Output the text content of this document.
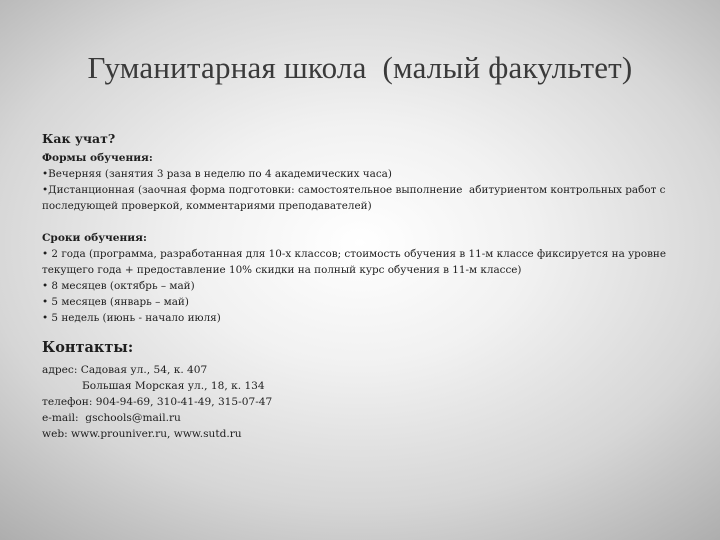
Гуманитарная школа  (малый факультет)
Как учат?
Формы обучения:
•Вечерняя (занятия 3 раза в неделю по 4 академических часа)
•Дистанционная (заочная форма подготовки: самостоятельное выполнение  абитуриентом контрольных работ с последующей проверкой, комментариями преподавателей)
Сроки обучения:
• 2 года (программа, разработанная для 10-х классов; стоимость обучения в 11-м классе фиксируется на уровне текущего года + предоставление 10% скидки на полный курс обучения в 11-м классе)
• 8 месяцев (октябрь – май)
• 5 месяцев (январь – май)
• 5 недель (июнь - начало июля)
Контакты:
адрес: Садовая ул., 54, к. 407
Большая Морская ул., 18, к. 134
телефон: 904-94-69, 310-41-49, 315-07-47
e-mail:  gschools@mail.ru
web: www.prouniver.ru, www.sutd.ru
